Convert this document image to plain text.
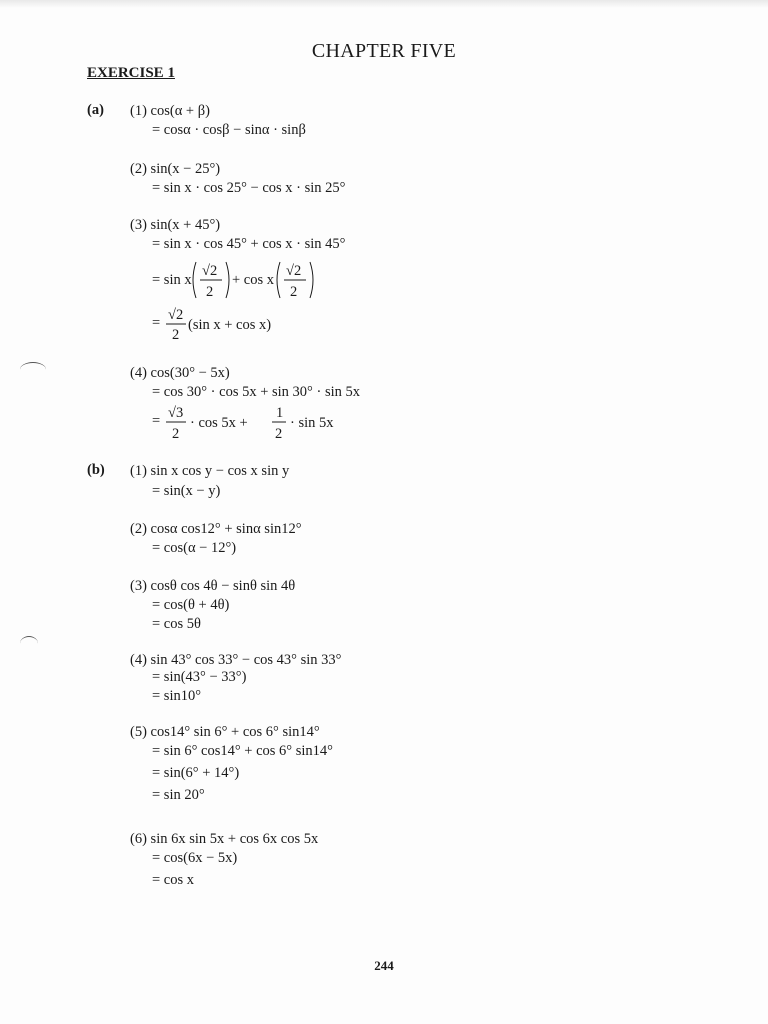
CHAPTER FIVE
EXERCISE 1
(a) (1) cos(α + β)
= cosα · cosβ − sinα · sinβ
(2) sin(x − 25°)
= sin x · cos 25° − cos x · sin 25°
(3) sin(x + 45°)
= sin x · cos 45° + cos x · sin 45°
= sin x
√2
2
+ cos x
√2
2
= √2
2
(sin x + cos x)
(4) cos(30° − 5x)
= cos 30° · cos 5x + sin 30° · sin 5x
= √3
2
· cos 5x +
1
2
· sin 5x
(b) (1) sin x cos y − cos x sin y
= sin(x − y)
(2) cosα cos12° + sinα sin12°
= cos(α − 12°)
(3) cosθ cos 4θ − sinθ sin 4θ
= cos(θ + 4θ)
= cos 5θ
(4) sin 43° cos 33° − cos 43° sin 33°
= sin(43° − 33°)
= sin10°
(5) cos14° sin 6° + cos 6° sin14°
= sin 6° cos14° + cos 6° sin14°
= sin(6° + 14°)
= sin 20°
(6) sin 6x sin 5x + cos 6x cos 5x
= cos(6x − 5x)
= cos x
244
